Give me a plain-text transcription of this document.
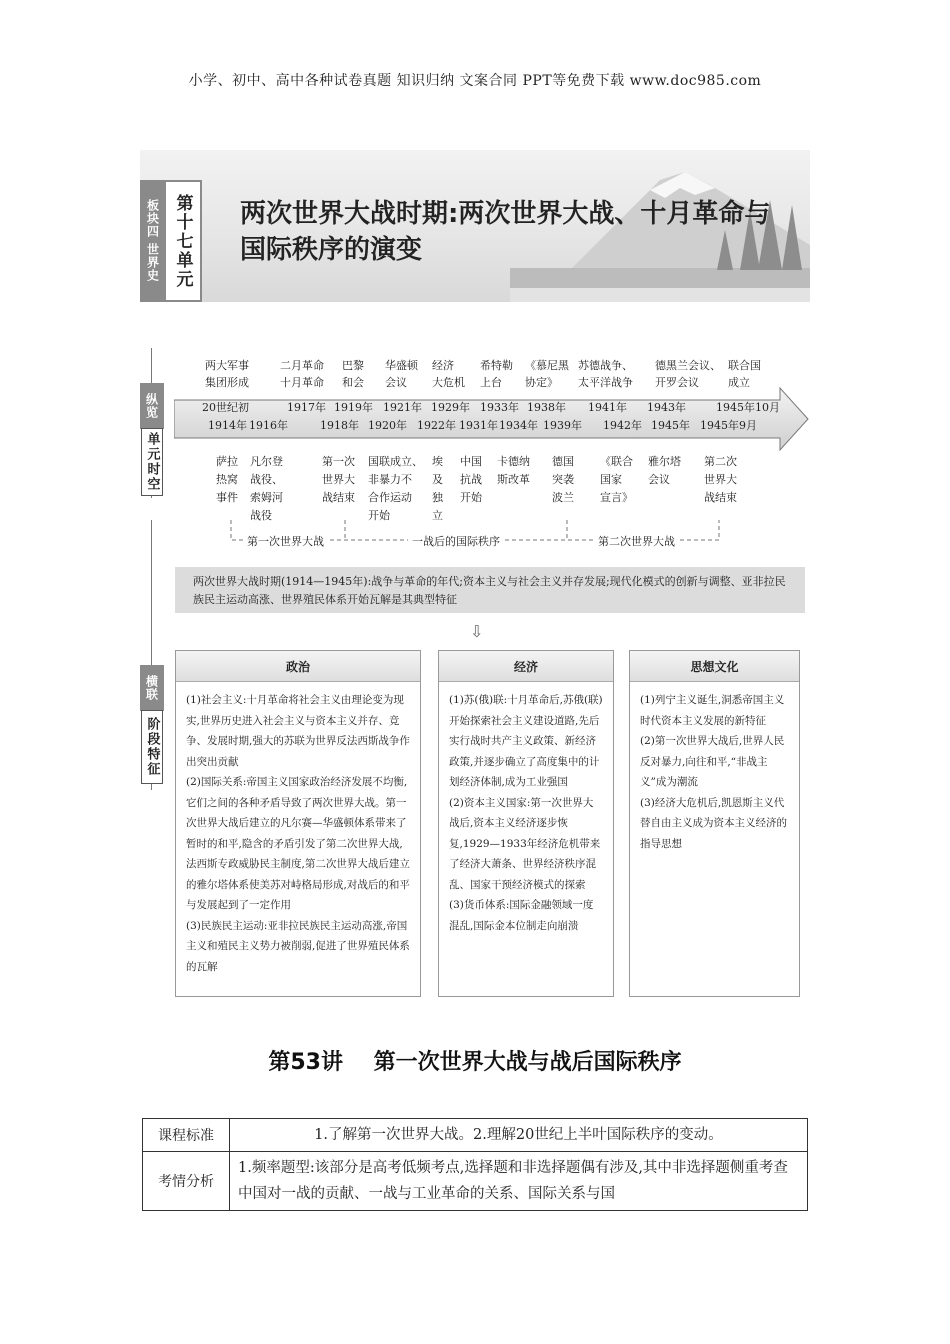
小学、初中、高中各种试卷真题 知识归纳 文案合同 PPT等免费下载 www.doc985.com
板块四 世界史 第十七单元	两次世界大战时期:两次世界大战、十月革命与国际秩序的演变
纵览
单元时空
横联
阶段特征
第一次世界大战	一战后的国际秩序	第二次世界大战
两次世界大战时期(1914—1945年):战争与革命的年代;资本主义与社会主义并存发展;现代化模式的创新与调整、亚非拉民族民主运动高涨、世界殖民体系开始瓦解是其典型特征
⇩
政治
(1)社会主义:十月革命将社会主义由理论变为现实,世界历史进入社会主义与资本主义并存、竞争、发展时期,强大的苏联为世界反法西斯战争作出突出贡献
(2)国际关系:帝国主义国家政治经济发展不均衡,它们之间的各种矛盾导致了两次世界大战。第一次世界大战后建立的凡尔赛—华盛顿体系带来了暂时的和平,隐含的矛盾引发了第二次世界大战,法西斯专政威胁民主制度,第二次世界大战后建立的雅尔塔体系使美苏对峙格局形成,对战后的和平与发展起到了一定作用
(3)民族民主运动:亚非拉民族民主运动高涨,帝国主义和殖民主义势力被削弱,促进了世界殖民体系的瓦解
经济
(1)苏(俄)联:十月革命后,苏俄(联)开始探索社会主义建设道路,先后实行战时共产主义政策、新经济政策,并逐步确立了高度集中的计划经济体制,成为工业强国
(2)资本主义国家:第一次世界大战后,资本主义经济逐步恢复,1929—1933年经济危机带来了经济大萧条、世界经济秩序混乱、国家干预经济模式的探索
(3)货币体系:国际金融领域一度混乱,国际金本位制走向崩溃
思想文化
(1)列宁主义诞生,洞悉帝国主义时代资本主义发展的新特征
(2)第一次世界大战后,世界人民反对暴力,向往和平,“非战主义”成为潮流
(3)经济大危机后,凯恩斯主义代替自由主义成为资本主义经济的指导思想
第53讲    第一次世界大战与战后国际秩序
课程标准	1.了解第一次世界大战。2.理解20世纪上半叶国际秩序的变动。
考情分析	1.频率题型:该部分是高考低频考点,选择题和非选择题偶有涉及,其中非选择题侧重考查中国对一战的贡献、一战与工业革命的关系、国际关系与国
两大军事
集团形成
二月革命
十月革命
巴黎
和会
华盛顿
会议
经济
大危机
希特勒
上台
《慕尼黑
协定》
苏德战争、
太平洋战争
德黑兰会议、
开罗会议
联合国
成立
20世纪初	1917年 1919年 1921年 1929年 1933年 1938年 1941年 1943年	1945年10月
1914年 1916年	1918年 1920年 1922年 1931年 1934年 1939年 1942年 1945年 1945年9月
萨拉
热窝
事件
凡尔登
战役、
索姆河
战役
第一次
世界大
战结束
国联成立、
非暴力不
合作运动
开始
埃
及
独
立
中国
抗战
开始
卡德纳
斯改革
德国
突袭
波兰
《联合
国家
宣言》
雅尔塔
会议
第二次
世界大
战结束
